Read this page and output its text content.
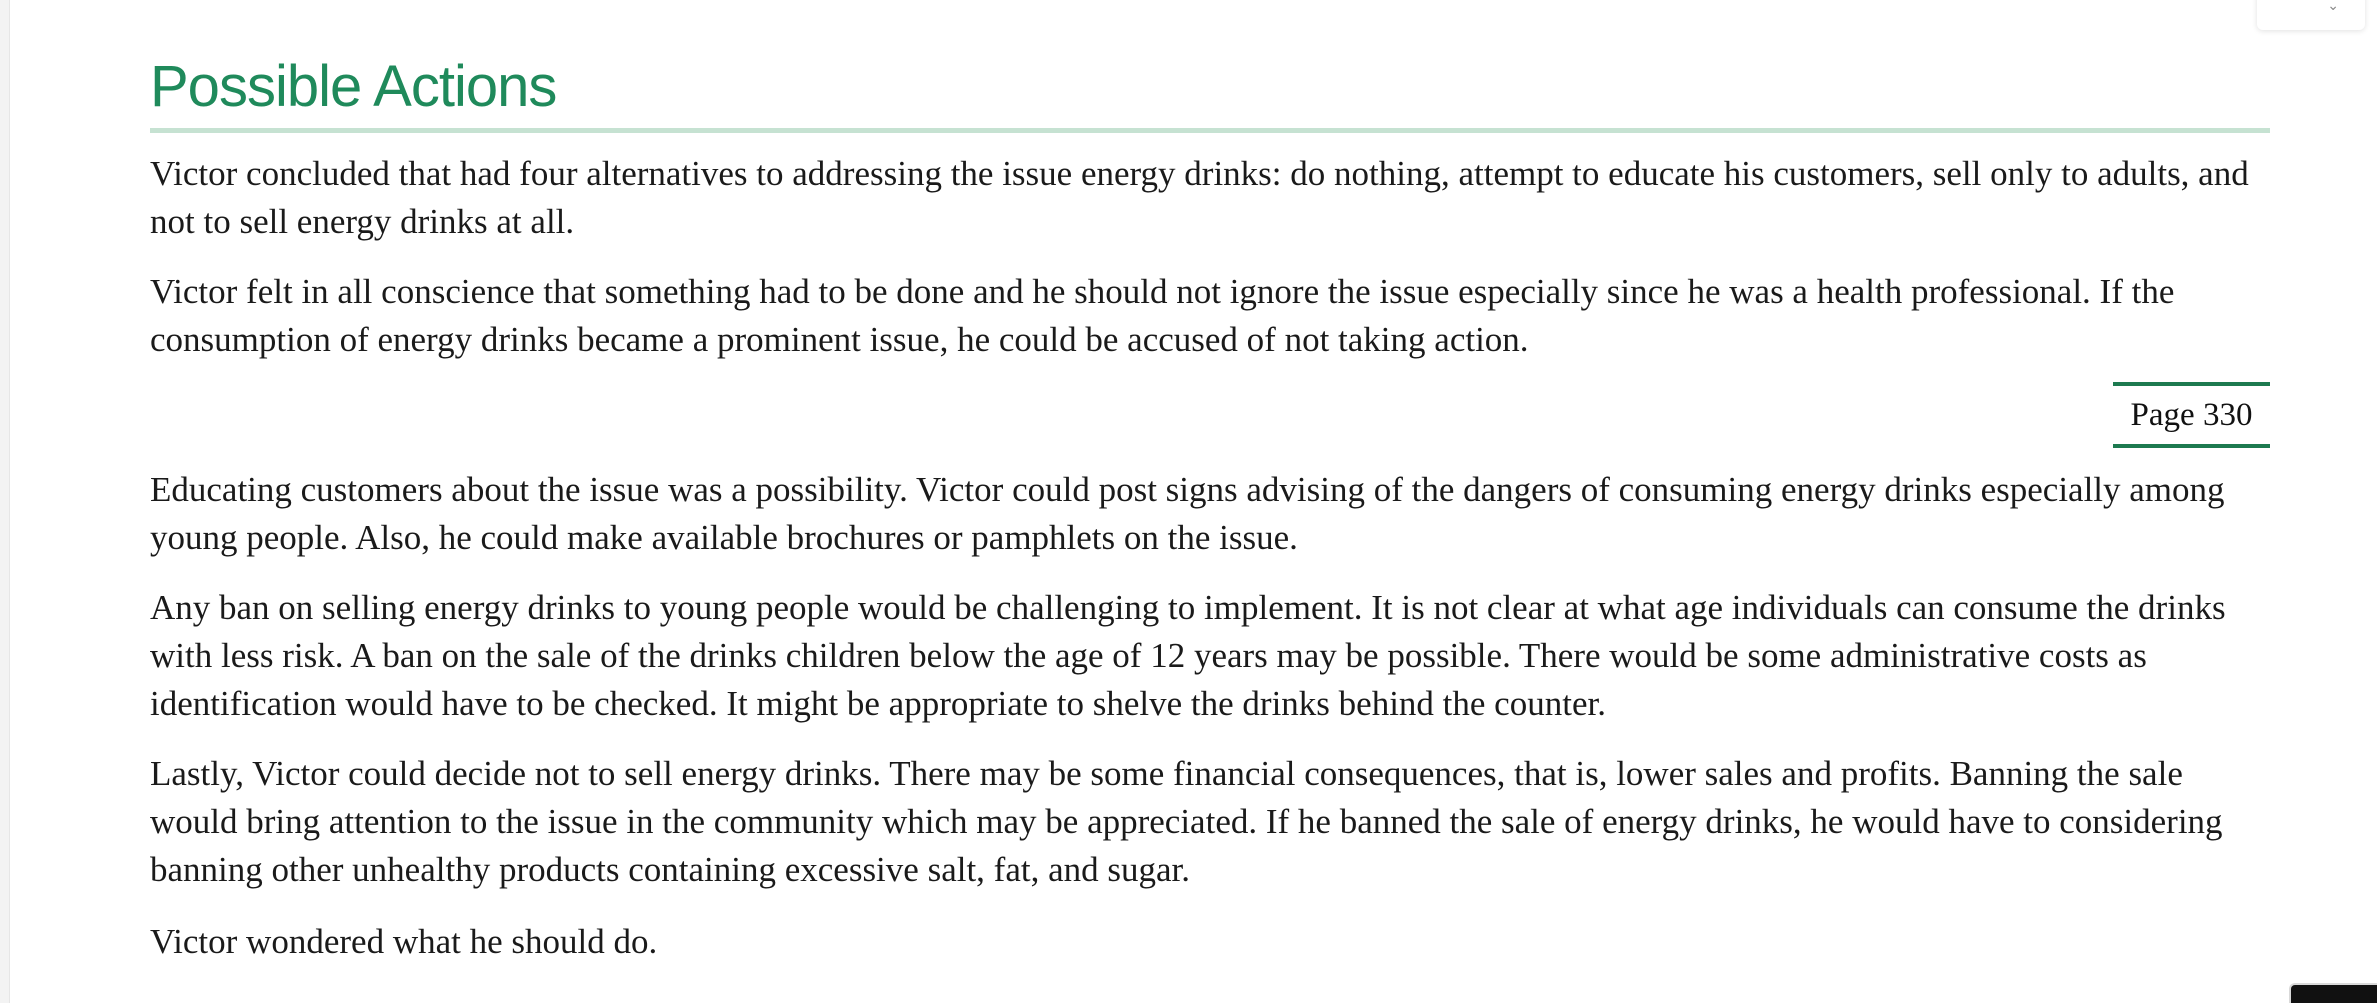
⌄
Possible Actions

Victor concluded that had four alternatives to addressing the issue energy drinks: do nothing, attempt to educate his customers, sell only to adults, and not to sell energy drinks at all.

Victor felt in all conscience that something had to be done and he should not ignore the issue especially since he was a health professional. If the consumption of energy drinks became a prominent issue, he could be accused of not taking action.

Page 330

Educating customers about the issue was a possibility. Victor could post signs advising of the dangers of consuming energy drinks especially among young people. Also, he could make available brochures or pamphlets on the issue.

Any ban on selling energy drinks to young people would be challenging to implement. It is not clear at what age individuals can consume the drinks with less risk. A ban on the sale of the drinks children below the age of 12 years may be possible. There would be some administrative costs as identification would have to be checked. It might be appropriate to shelve the drinks behind the counter.

Lastly, Victor could decide not to sell energy drinks. There may be some financial consequences, that is, lower sales and profits. Banning the sale would bring attention to the issue in the community which may be appreciated. If he banned the sale of energy drinks, he would have to considering banning other unhealthy products containing excessive salt, fat, and sugar.

Victor wondered what he should do.
